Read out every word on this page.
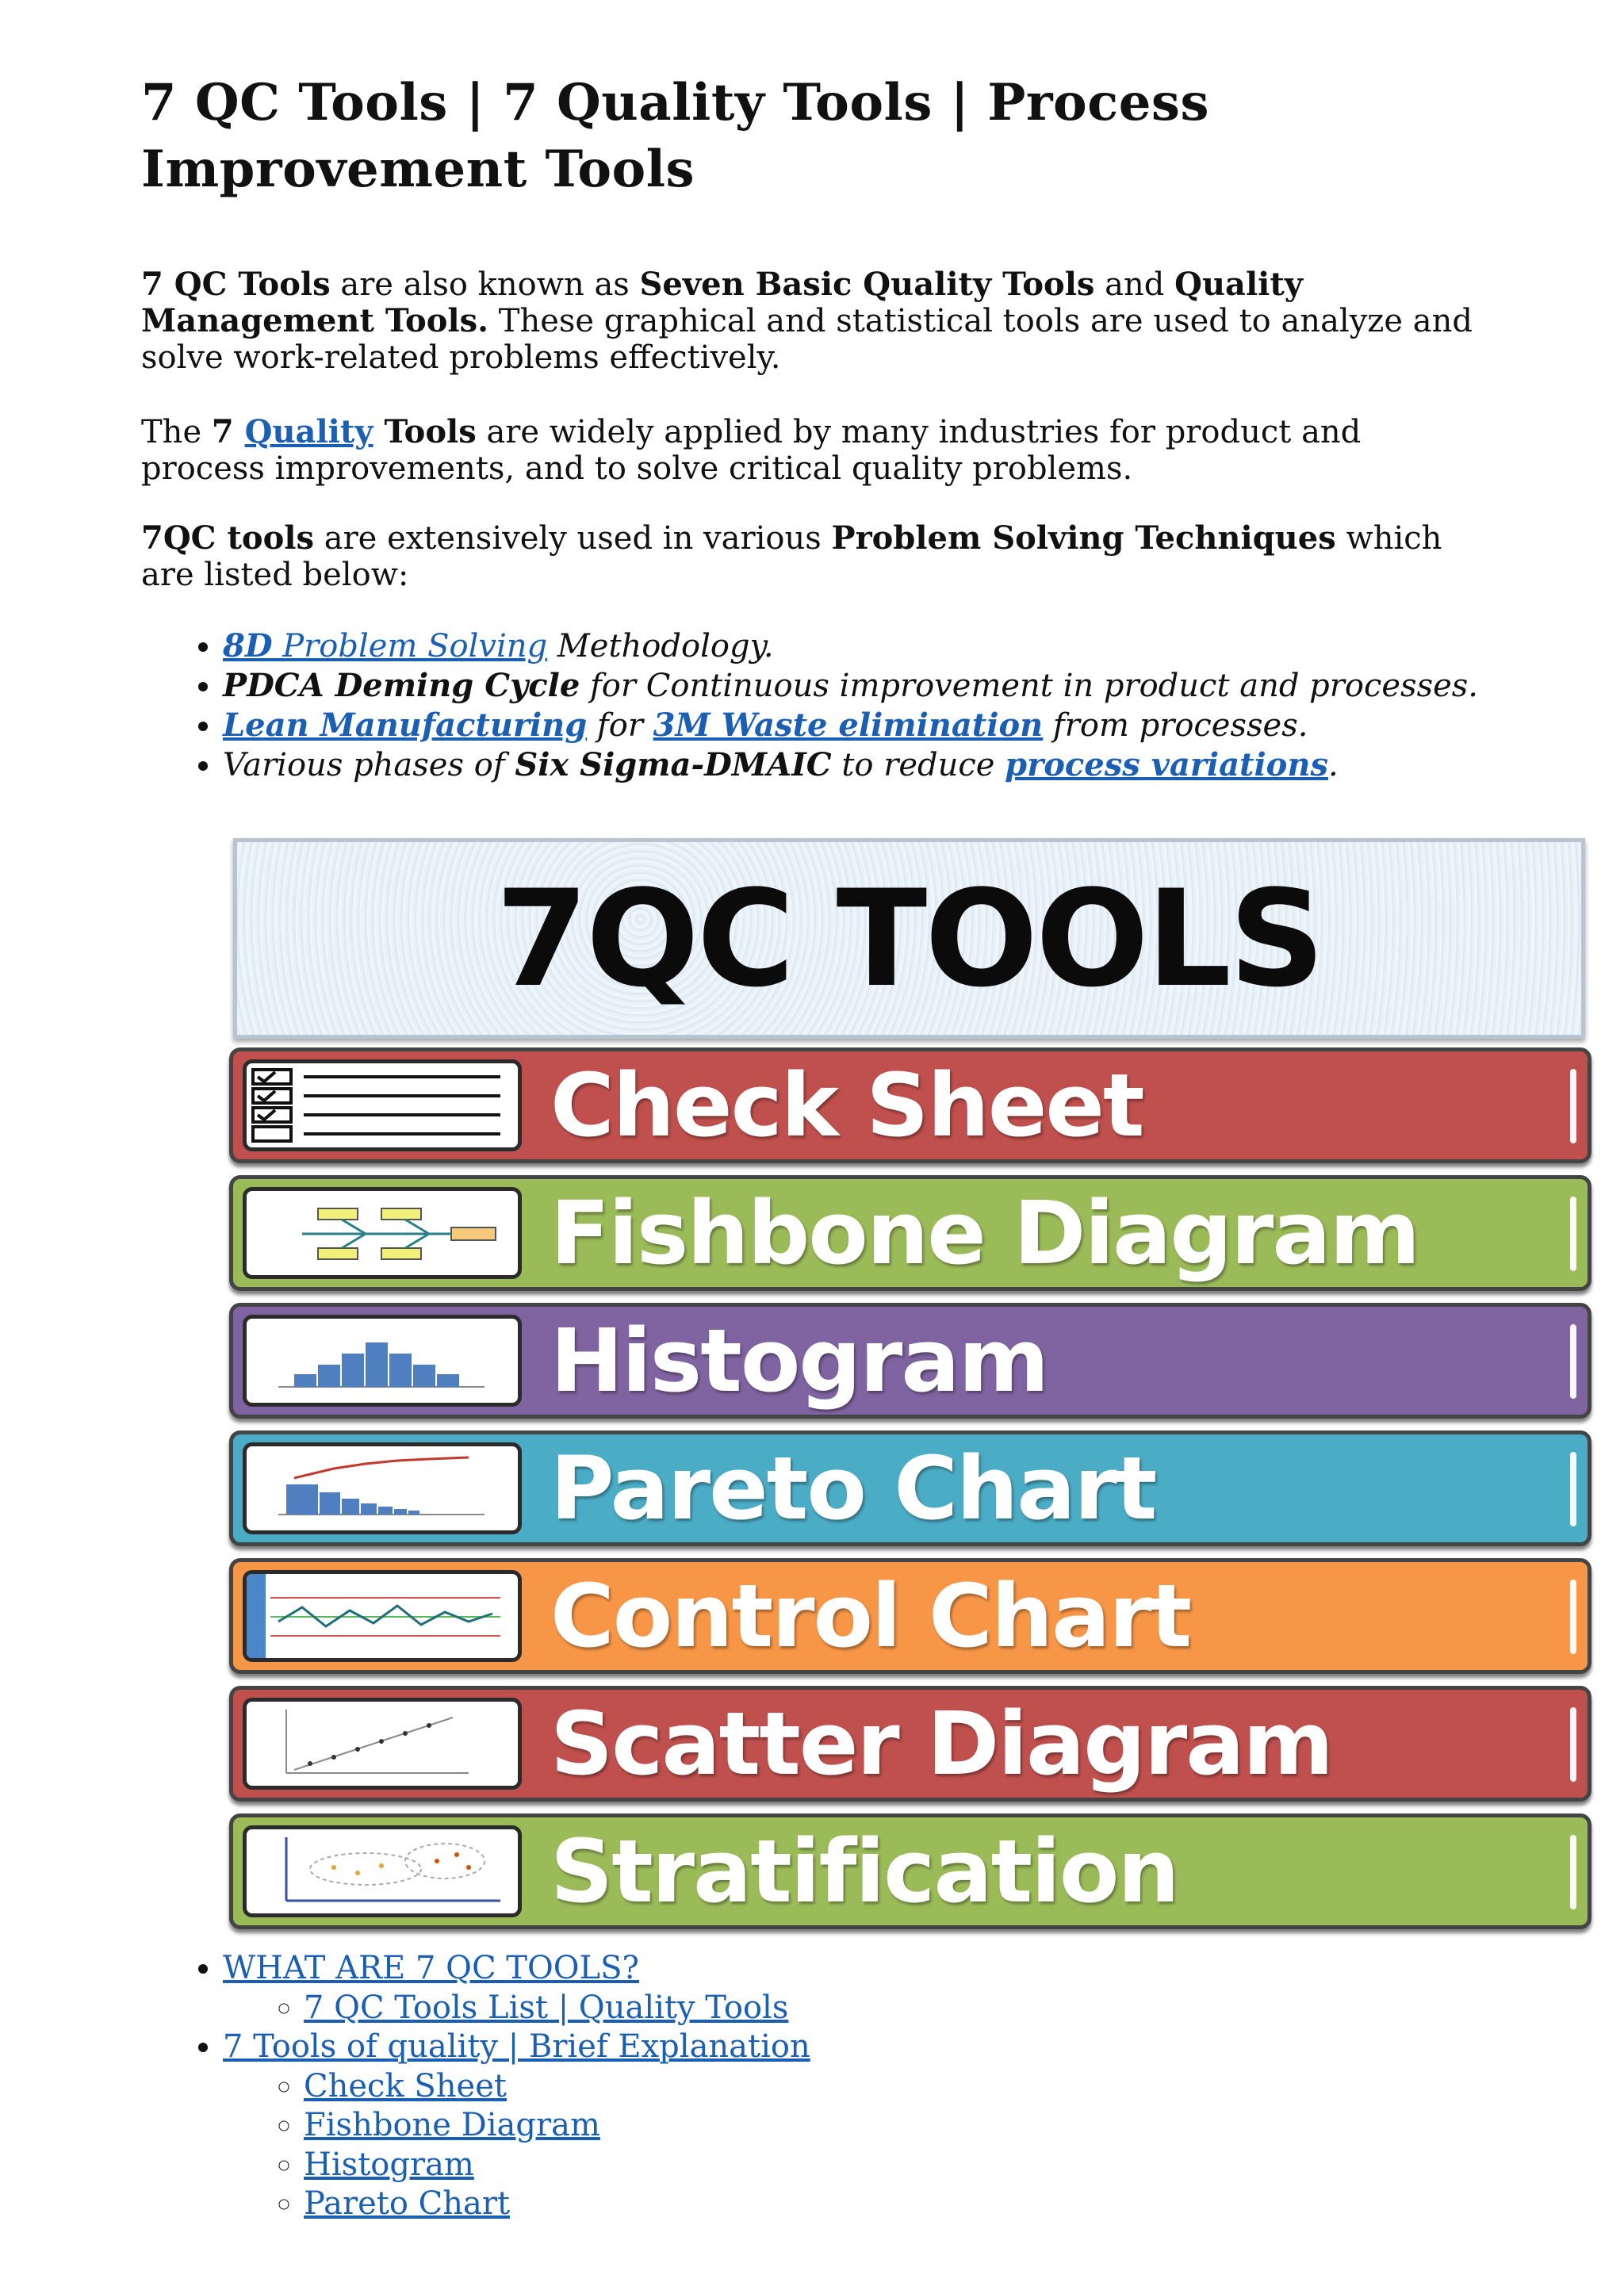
7 QC Tools | 7 Quality Tools | Process Improvement Tools

7 QC Tools are also known as Seven Basic Quality Tools and Quality Management Tools. These graphical and statistical tools are used to analyze and solve work-related problems effectively.

The 7 Quality Tools are widely applied by many industries for product and process improvements, and to solve critical quality problems.

7QC tools are extensively used in various Problem Solving Techniques which are listed below:

• 8D Problem Solving Methodology.
• PDCA Deming Cycle for Continuous improvement in product and processes.
• Lean Manufacturing for 3M Waste elimination from processes.
• Various phases of Six Sigma-DMAIC to reduce process variations.
7QC TOOLS
Check Sheet
Fishbone Diagram
Histogram
Pareto Chart
Control Chart
Scatter Diagram
Stratification
• WHAT ARE 7 QC TOOLS?
◦ 7 QC Tools List | Quality Tools
• 7 Tools of quality | Brief Explanation
◦ Check Sheet
◦ Fishbone Diagram
◦ Histogram
◦ Pareto Chart
